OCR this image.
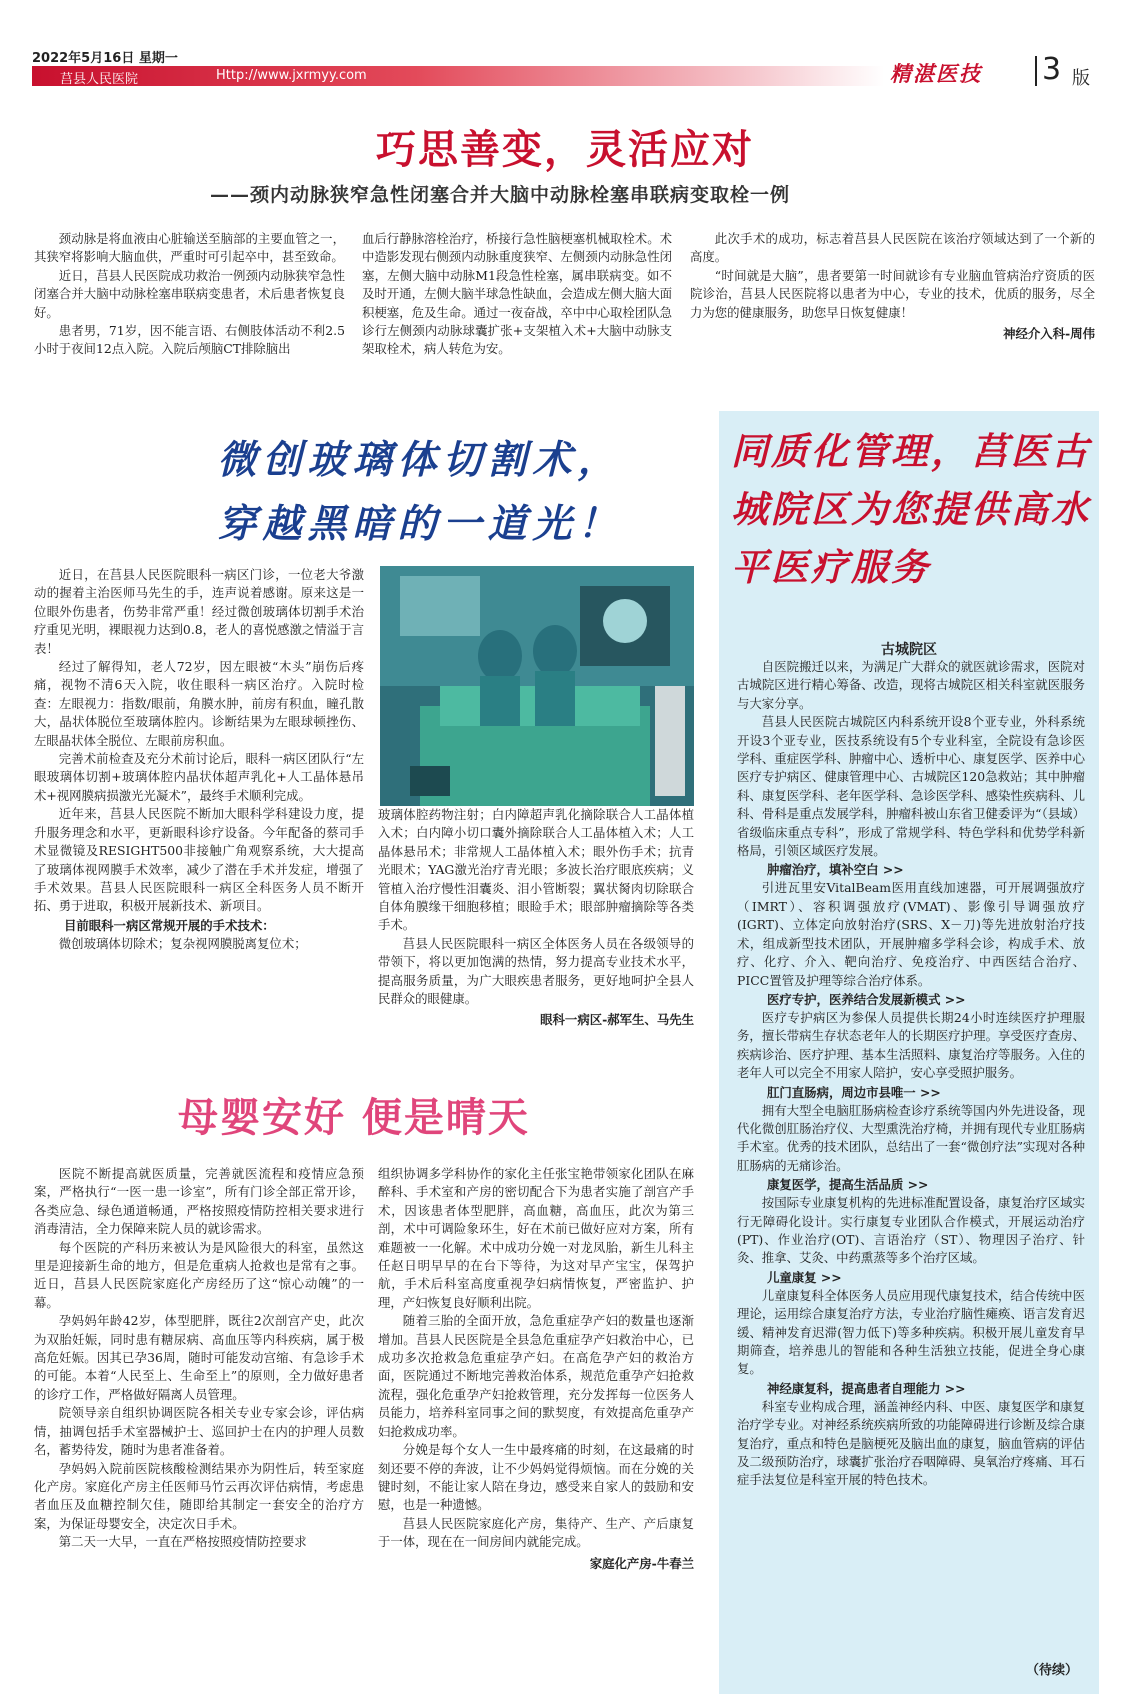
2022年5月16日 星期一
莒县人民医院	Http://www.jxrmyy.com	精湛医技 3 版
巧思善变，灵活应对
——颈内动脉狭窄急性闭塞合并大脑中动脉栓塞串联病变取栓一例

颈动脉是将血液由心脏输送至脑部的主要血管之一，其狭窄将影响大脑血供，严重时可引起卒中，甚至致命。

近日，莒县人民医院成功救治一例颈内动脉狭窄急性闭塞合并大脑中动脉栓塞串联病变患者，术后患者恢复良好。

患者男，71岁，因不能言语、右侧肢体活动不利2.5小时于夜间12点入院。入院后颅脑CT排除脑出

血后行静脉溶栓治疗，桥接行急性脑梗塞机械取栓术。术中造影发现右侧颈内动脉重度狭窄、左侧颈内动脉急性闭塞，左侧大脑中动脉M1段急性栓塞，属串联病变。如不及时开通，左侧大脑半球急性缺血，会造成左侧大脑大面积梗塞，危及生命。通过一夜奋战，卒中中心取栓团队急诊行左侧颈内动脉球囊扩张+支架植入术+大脑中动脉支架取栓术，病人转危为安。

此次手术的成功，标志着莒县人民医院在该治疗领域达到了一个新的高度。

“时间就是大脑”，患者要第一时间就诊有专业脑血管病治疗资质的医院诊治，莒县人民医院将以患者为中心，专业的技术，优质的服务，尽全力为您的健康服务，助您早日恢复健康！

神经介入科-周伟

微创玻璃体切割术，
穿越黑暗的一道光！

近日，在莒县人民医院眼科一病区门诊，一位老大爷激动的握着主治医师马先生的手，连声说着感谢。原来这是一位眼外伤患者，伤势非常严重！经过微创玻璃体切割手术治疗重见光明，裸眼视力达到0.8，老人的喜悦感激之情溢于言表！

经过了解得知，老人72岁，因左眼被“木头”崩伤后疼痛，视物不清6天入院，收住眼科一病区治疗。入院时检查：左眼视力：指数/眼前，角膜水肿，前房有积血，瞳孔散大，晶状体脱位至玻璃体腔内。诊断结果为左眼球顿挫伤、左眼晶状体全脱位、左眼前房积血。

完善术前检查及充分术前讨论后，眼科一病区团队行“左眼玻璃体切割+玻璃体腔内晶状体超声乳化+人工晶体悬吊术+视网膜病损激光光凝术”，最终手术顺利完成。

近年来，莒县人民医院不断加大眼科学科建设力度，提升服务理念和水平，更新眼科诊疗设备。今年配备的蔡司手术显微镜及RESIGHT500非接触广角观察系统，大大提高了玻璃体视网膜手术效率，减少了潜在手术并发症，增强了手术效果。莒县人民医院眼科一病区全科医务人员不断开拓、勇于进取，积极开展新技术、新项目。

目前眼科一病区常规开展的手术技术：

微创玻璃体切除术；复杂视网膜脱离复位术；

玻璃体腔药物注射；白内障超声乳化摘除联合人工晶体植入术；白内障小切口囊外摘除联合人工晶体植入术；人工晶体悬吊术；非常规人工晶体植入术；眼外伤手术；抗青光眼术；YAG激光治疗青光眼；多波长治疗眼底疾病；义管植入治疗慢性泪囊炎、泪小管断裂；翼状胬肉切除联合自体角膜缘干细胞移植；眼睑手术；眼部肿瘤摘除等各类手术。

莒县人民医院眼科一病区全体医务人员在各级领导的带领下，将以更加饱满的热情，努力提高专业技术水平，提高服务质量，为广大眼疾患者服务，更好地呵护全县人民群众的眼健康。

眼科一病区-郝军生、马先生

母婴安好 便是晴天

医院不断提高就医质量，完善就医流程和疫情应急预案，严格执行“一医一患一诊室”，所有门诊全部正常开诊，各类应急、绿色通道畅通，严格按照疫情防控相关要求进行消毒清洁，全力保障来院人员的就诊需求。

每个医院的产科历来被认为是风险很大的科室，虽然这里是迎接新生命的地方，但是危重病人抢救也是常有之事。近日，莒县人民医院家庭化产房经历了这“惊心动魄”的一幕。

孕妈妈年龄42岁，体型肥胖，既往2次剖宫产史，此次为双胎妊娠，同时患有糖尿病、高血压等内科疾病，属于极高危妊娠。因其已孕36周，随时可能发动宫缩、有急诊手术的可能。本着“人民至上、生命至上”的原则，全力做好患者的诊疗工作，严格做好隔离人员管理。

院领导亲自组织协调医院各相关专业专家会诊，评估病情，抽调包括手术室器械护士、巡回护士在内的护理人员数名，蓄势待发，随时为患者准备着。

孕妈妈入院前医院核酸检测结果亦为阴性后，转至家庭化产房。家庭化产房主任医师马竹云再次评估病情，考虑患者血压及血糖控制欠佳，随即给其制定一套安全的治疗方案，为保证母婴安全，决定次日手术。

第二天一大早，一直在严格按照疫情防控要求

组织协调多学科协作的家化主任张宝艳带领家化团队在麻醉科、手术室和产房的密切配合下为患者实施了剖宫产手术，因该患者体型肥胖，高血糖，高血压，此次为第三剖，术中可调险象环生，好在术前已做好应对方案，所有难题被一一化解。术中成功分娩一对龙凤胎，新生儿科主任赵日明早早的在台下等待，为这对早产宝宝，保驾护航，手术后科室高度重视孕妇病情恢复，严密监护、护理，产妇恢复良好顺利出院。

随着三胎的全面开放，急危重症孕产妇的数量也逐渐增加。莒县人民医院是全县急危重症孕产妇救治中心，已成功多次抢救急危重症孕产妇。在高危孕产妇的救治方面，医院通过不断地完善救治体系，规范危重孕产妇抢救流程，强化危重孕产妇抢救管理，充分发挥每一位医务人员能力，培养科室同事之间的默契度，有效提高危重孕产妇抢救成功率。

分娩是每个女人一生中最疼痛的时刻，在这最痛的时刻还要不停的奔波，让不少妈妈觉得烦恼。而在分娩的关键时刻，不能让家人陪在身边，感受来自家人的鼓励和安慰，也是一种遗憾。

莒县人民医院家庭化产房，集待产、生产、产后康复于一体，现在在一间房间内就能完成。

家庭化产房-牛春兰

同质化管理，莒医古城院区为您提供高水平医疗服务
古城院区

自医院搬迁以来，为满足广大群众的就医就诊需求，医院对古城院区进行精心筹备、改造，现将古城院区相关科室就医服务与大家分享。

莒县人民医院古城院区内科系统开设8个亚专业，外科系统开设3个亚专业，医技系统设有5个专业科室，全院设有急诊医学科、重症医学科、肿瘤中心、透析中心、康复医学、医养中心医疗专护病区、健康管理中心、古城院区120急救站；其中肿瘤科、康复医学科、老年医学科、急诊医学科、感染性疾病科、儿科、骨科是重点发展学科，肿瘤科被山东省卫健委评为“（县域）省级临床重点专科”，形成了常规学科、特色学科和优势学科新格局，引领区域医疗发展。

肿瘤治疗，填补空白 >>

引进瓦里安VitalBeam医用直线加速器，可开展调强放疗（IMRT）、容积调强放疗(VMAT)、影像引导调强放疗(IGRT)、立体定向放射治疗(SRS、X－刀)等先进放射治疗技术，组成新型技术团队，开展肿瘤多学科会诊，构成手术、放疗、化疗、介入、靶向治疗、免疫治疗、中西医结合治疗、PICC置管及护理等综合治疗体系。

医疗专护，医养结合发展新模式 >>

医疗专护病区为参保人员提供长期24小时连续医疗护理服务，擅长带病生存状态老年人的长期医疗护理。享受医疗查房、疾病诊治、医疗护理、基本生活照料、康复治疗等服务。入住的老年人可以完全不用家人陪护，安心享受照护服务。

肛门直肠病，周边市县唯一 >>

拥有大型全电脑肛肠病检查诊疗系统等国内外先进设备，现代化微创肛肠治疗仪、大型熏洗治疗椅，并拥有现代专业肛肠病手术室。优秀的技术团队，总结出了一套“微创疗法”实现对各种肛肠病的无痛诊治。

康复医学，提高生活品质 >>

按国际专业康复机构的先进标准配置设备，康复治疗区域实行无障碍化设计。实行康复专业团队合作模式，开展运动治疗(PT)、作业治疗(OT)、言语治疗（ST）、物理因子治疗、针灸、推拿、艾灸、中药熏蒸等多个治疗区域。

儿童康复 >>

儿童康复科全体医务人员应用现代康复技术，结合传统中医理论，运用综合康复治疗方法，专业治疗脑性瘫痪、语言发育迟缓、精神发育迟滞(智力低下)等多种疾病。积极开展儿童发育早期筛查，培养患儿的智能和各种生活独立技能，促进全身心康复。

神经康复科，提高患者自理能力 >>

科室专业构成合理，涵盖神经内科、中医、康复医学和康复治疗学专业。对神经系统疾病所致的功能障碍进行诊断及综合康复治疗，重点和特色是脑梗死及脑出血的康复，脑血管病的评估及二级预防治疗，球囊扩张治疗吞咽障碍、臭氧治疗疼痛、耳石症手法复位是科室开展的特色技术。

（待续）
